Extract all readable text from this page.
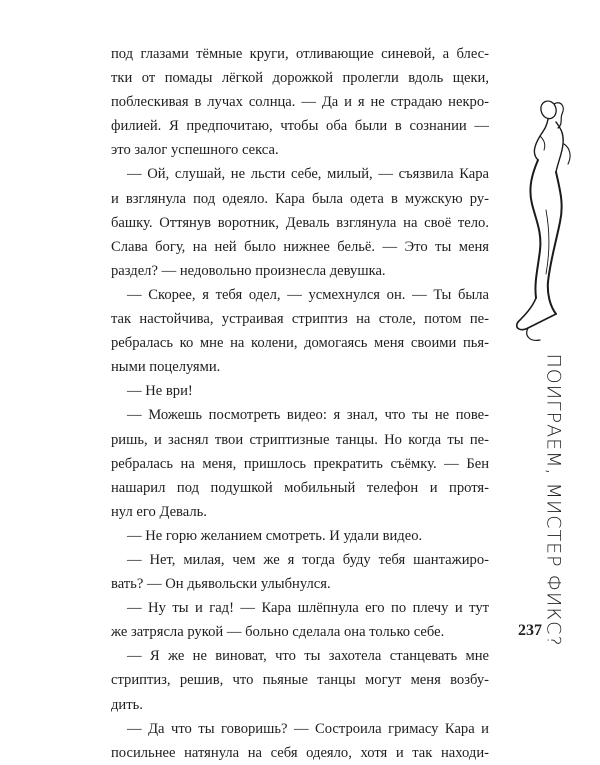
под глазами тёмные круги, отливающие синевой, а блес-
тки от помады лёгкой дорожкой пролегли вдоль щеки,
поблескивая в лучах солнца. — Да и я не страдаю некро-
филией. Я предпочитаю, чтобы оба были в сознании —
это залог успешного секса.
— Ой, слушай, не льсти себе, милый, — съязвила Кара
и взглянула под одеяло. Кара была одета в мужскую ру-
башку. Оттянув воротник, Деваль взглянула на своё тело.
Слава богу, на ней было нижнее бельё. — Это ты меня
раздел? — недовольно произнесла девушка.
— Скорее, я тебя одел, — усмехнулся он. — Ты была
так настойчива, устраивая стриптиз на столе, потом пе-
ребралась ко мне на колени, домогаясь меня своими пья-
ными поцелуями.
— Не ври!
— Можешь посмотреть видео: я знал, что ты не пове-
ришь, и заснял твои стриптизные танцы. Но когда ты пе-
ребралась на меня, пришлось прекратить съёмку. — Бен
нашарил под подушкой мобильный телефон и протя-
нул его Деваль.
— Не горю желанием смотреть. И удали видео.
— Нет, милая, чем же я тогда буду тебя шантажиро-
вать? — Он дьявольски улыбнулся.
— Ну ты и гад! — Кара шлёпнула его по плечу и тут
же затрясла рукой — больно сделала она только себе.
— Я же не виноват, что ты захотела станцевать мне
стриптиз, решив, что пьяные танцы могут меня возбу-
дить.
— Да что ты говоришь? — Состроила гримасу Кара и
посильнее натянула на себя одеяло, хотя и так находи-
ПОИГРАЕМ, МИСТЕР ФИКС?
237
